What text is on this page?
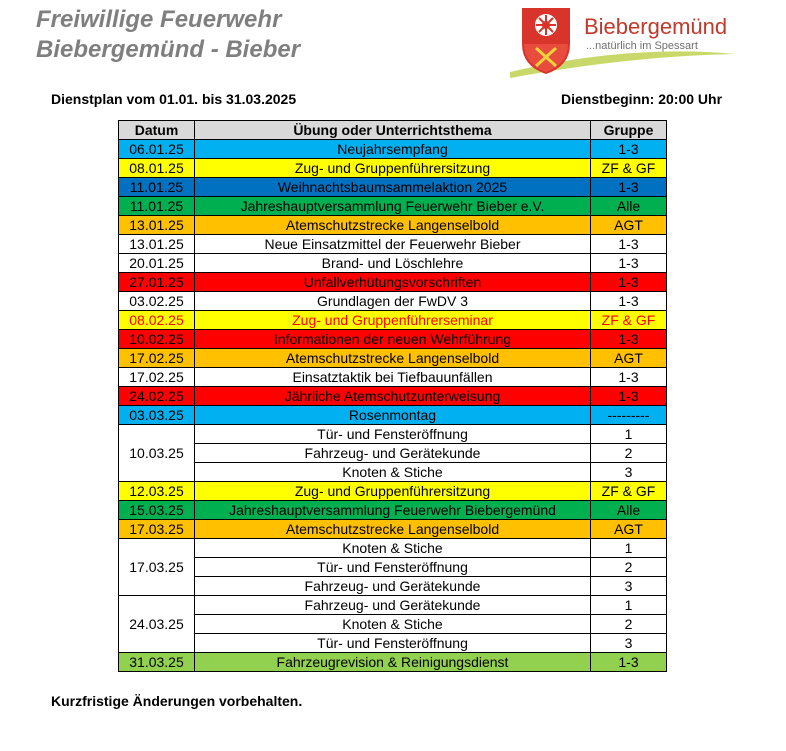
Freiwillige Feuerwehr
Biebergemünd - Bieber
Biebergemünd
...natürlich im Spessart
Dienstplan vom 01.01. bis 31.03.2025	Dienstbeginn: 20:00 Uhr
Datum	Übung oder Unterrichtsthema	Gruppe
06.01.25	Neujahrsempfang	1-3
08.01.25	Zug- und Gruppenführersitzung	ZF & GF
11.01.25	Weihnachtsbaumsammelaktion 2025	1-3
11.01.25	Jahreshauptversammlung Feuerwehr Bieber e.V.	Alle
13.01.25	Atemschutzstrecke Langenselbold	AGT
13.01.25	Neue Einsatzmittel der Feuerwehr Bieber	1-3
20.01.25	Brand- und Löschlehre	1-3
27.01.25	Unfallverhütungsvorschriften	1-3
03.02.25	Grundlagen der FwDV 3	1-3
08.02.25	Zug- und Gruppenführerseminar	ZF & GF
10.02.25	Informationen der neuen Wehrführung	1-3
17.02.25	Atemschutzstrecke Langenselbold	AGT
17.02.25	Einsatztaktik bei Tiefbauunfällen	1-3
24.02.25	Jährliche Atemschutzunterweisung	1-3
03.03.25	Rosenmontag	---------
10.03.25	Tür- und Fensteröffnung	1
	Fahrzeug- und Gerätekunde	2
	Knoten & Stiche	3
12.03.25	Zug- und Gruppenführersitzung	ZF & GF
15.03.25	Jahreshauptversammlung Feuerwehr Biebergemünd	Alle
17.03.25	Atemschutzstrecke Langenselbold	AGT
17.03.25	Knoten & Stiche	1
	Tür- und Fensteröffnung	2
	Fahrzeug- und Gerätekunde	3
24.03.25	Fahrzeug- und Gerätekunde	1
	Knoten & Stiche	2
	Tür- und Fensteröffnung	3
31.03.25	Fahrzeugrevision & Reinigungsdienst	1-3
Kurzfristige Änderungen vorbehalten.
